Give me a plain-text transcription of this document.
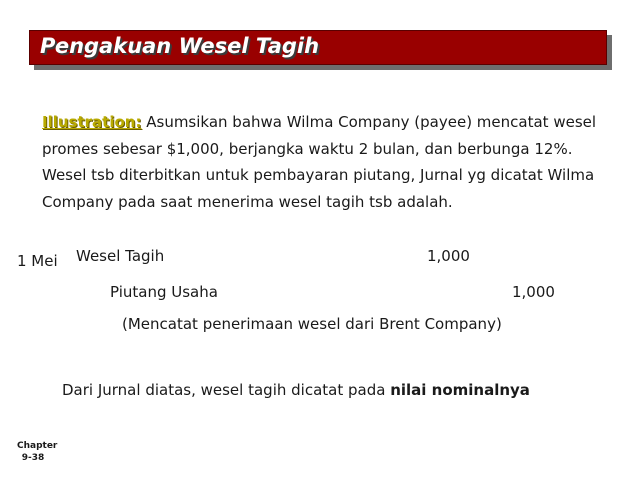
Pengakuan Wesel Tagih
Illustration: Asumsikan bahwa Wilma Company (payee) mencatat wesel promes sebesar $1,000, berjangka waktu 2 bulan, dan berbunga 12%. Wesel tsb diterbitkan untuk pembayaran piutang, Jurnal yg dicatat Wilma Company pada saat menerima wesel tagih tsb adalah.
1 Mei Wesel Tagih	1,000
Piutang Usaha	1,000
(Mencatat penerimaan wesel dari Brent Company)
Dari Jurnal diatas, wesel tagih dicatat pada nilai nominalnya
Chapter
9-38
